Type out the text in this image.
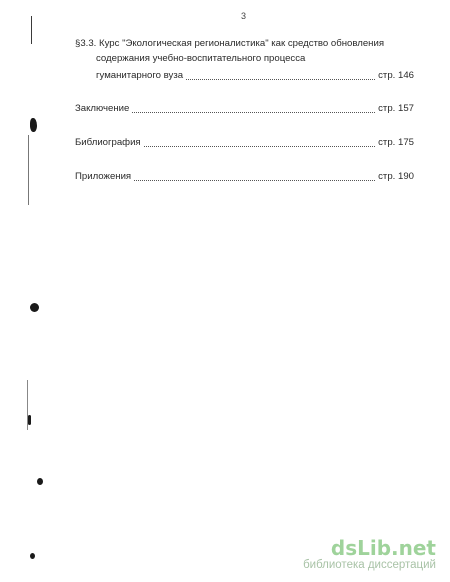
3
§3.3. Курс "Экологическая регионалистика" как средство обновления
содержания учебно-воспитательного процесса
гуманитарного вуза	стр. 146
Заключение	стр. 157
Библиография	стр. 175
Приложения	стр. 190
dsLib.net
библиотека диссертаций
